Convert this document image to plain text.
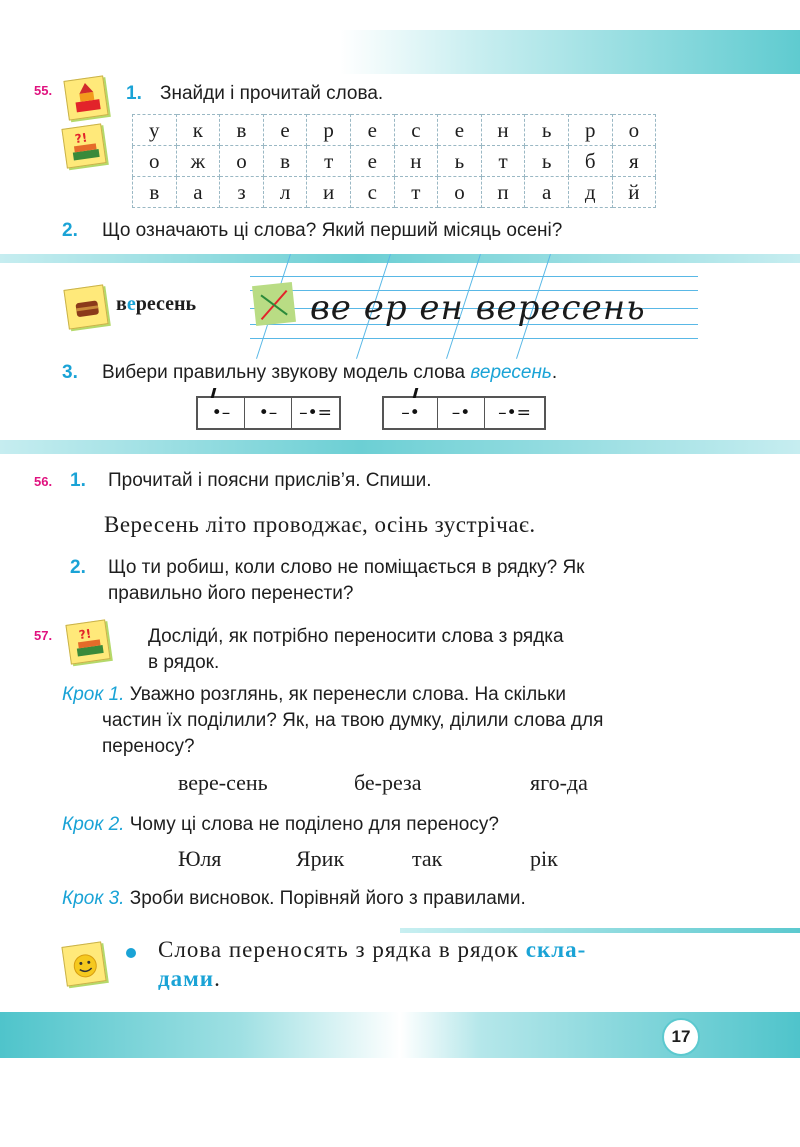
17
55.
?!
1. Знайди і прочитай слова.
у	к	в	е	р	е	с	е	н	ь	р	о
о	ж	о	в	т	е	н	ь	т	ь	б	я
в	а	з	л	и	с	т	о	п	а	д	й
2. Що означають ці слова? Який перший місяць осені?
вересень	ве ер ен вересень
3. Вибери правильну звукову модель слова вересень.
•–	•–	–•=	–•	–•	–•=
56. 1. Прочитай і поясни прислів’я. Спиши.
Вересень літо проводжає, осінь зустрічає.
2. Що ти робиш, коли слово не поміщається в рядку? Як
правильно його перенести?
57. ?!	Досліди́, як потрібно переносити слова з рядка
в рядок.
Крок 1. Уважно розглянь, як перенесли слова. На скільки
частин їх поділили? Як, на твою думку, ділили слова для
переносу?
вере-сень	бе-реза	яго-да
Крок 2. Чому ці слова не поділено для переносу?
Юля	Ярик	так	рік
Крок 3. Зроби висновок. Порівняй його з правилами.
Слова переносять з рядка в рядок скла-
дами.
